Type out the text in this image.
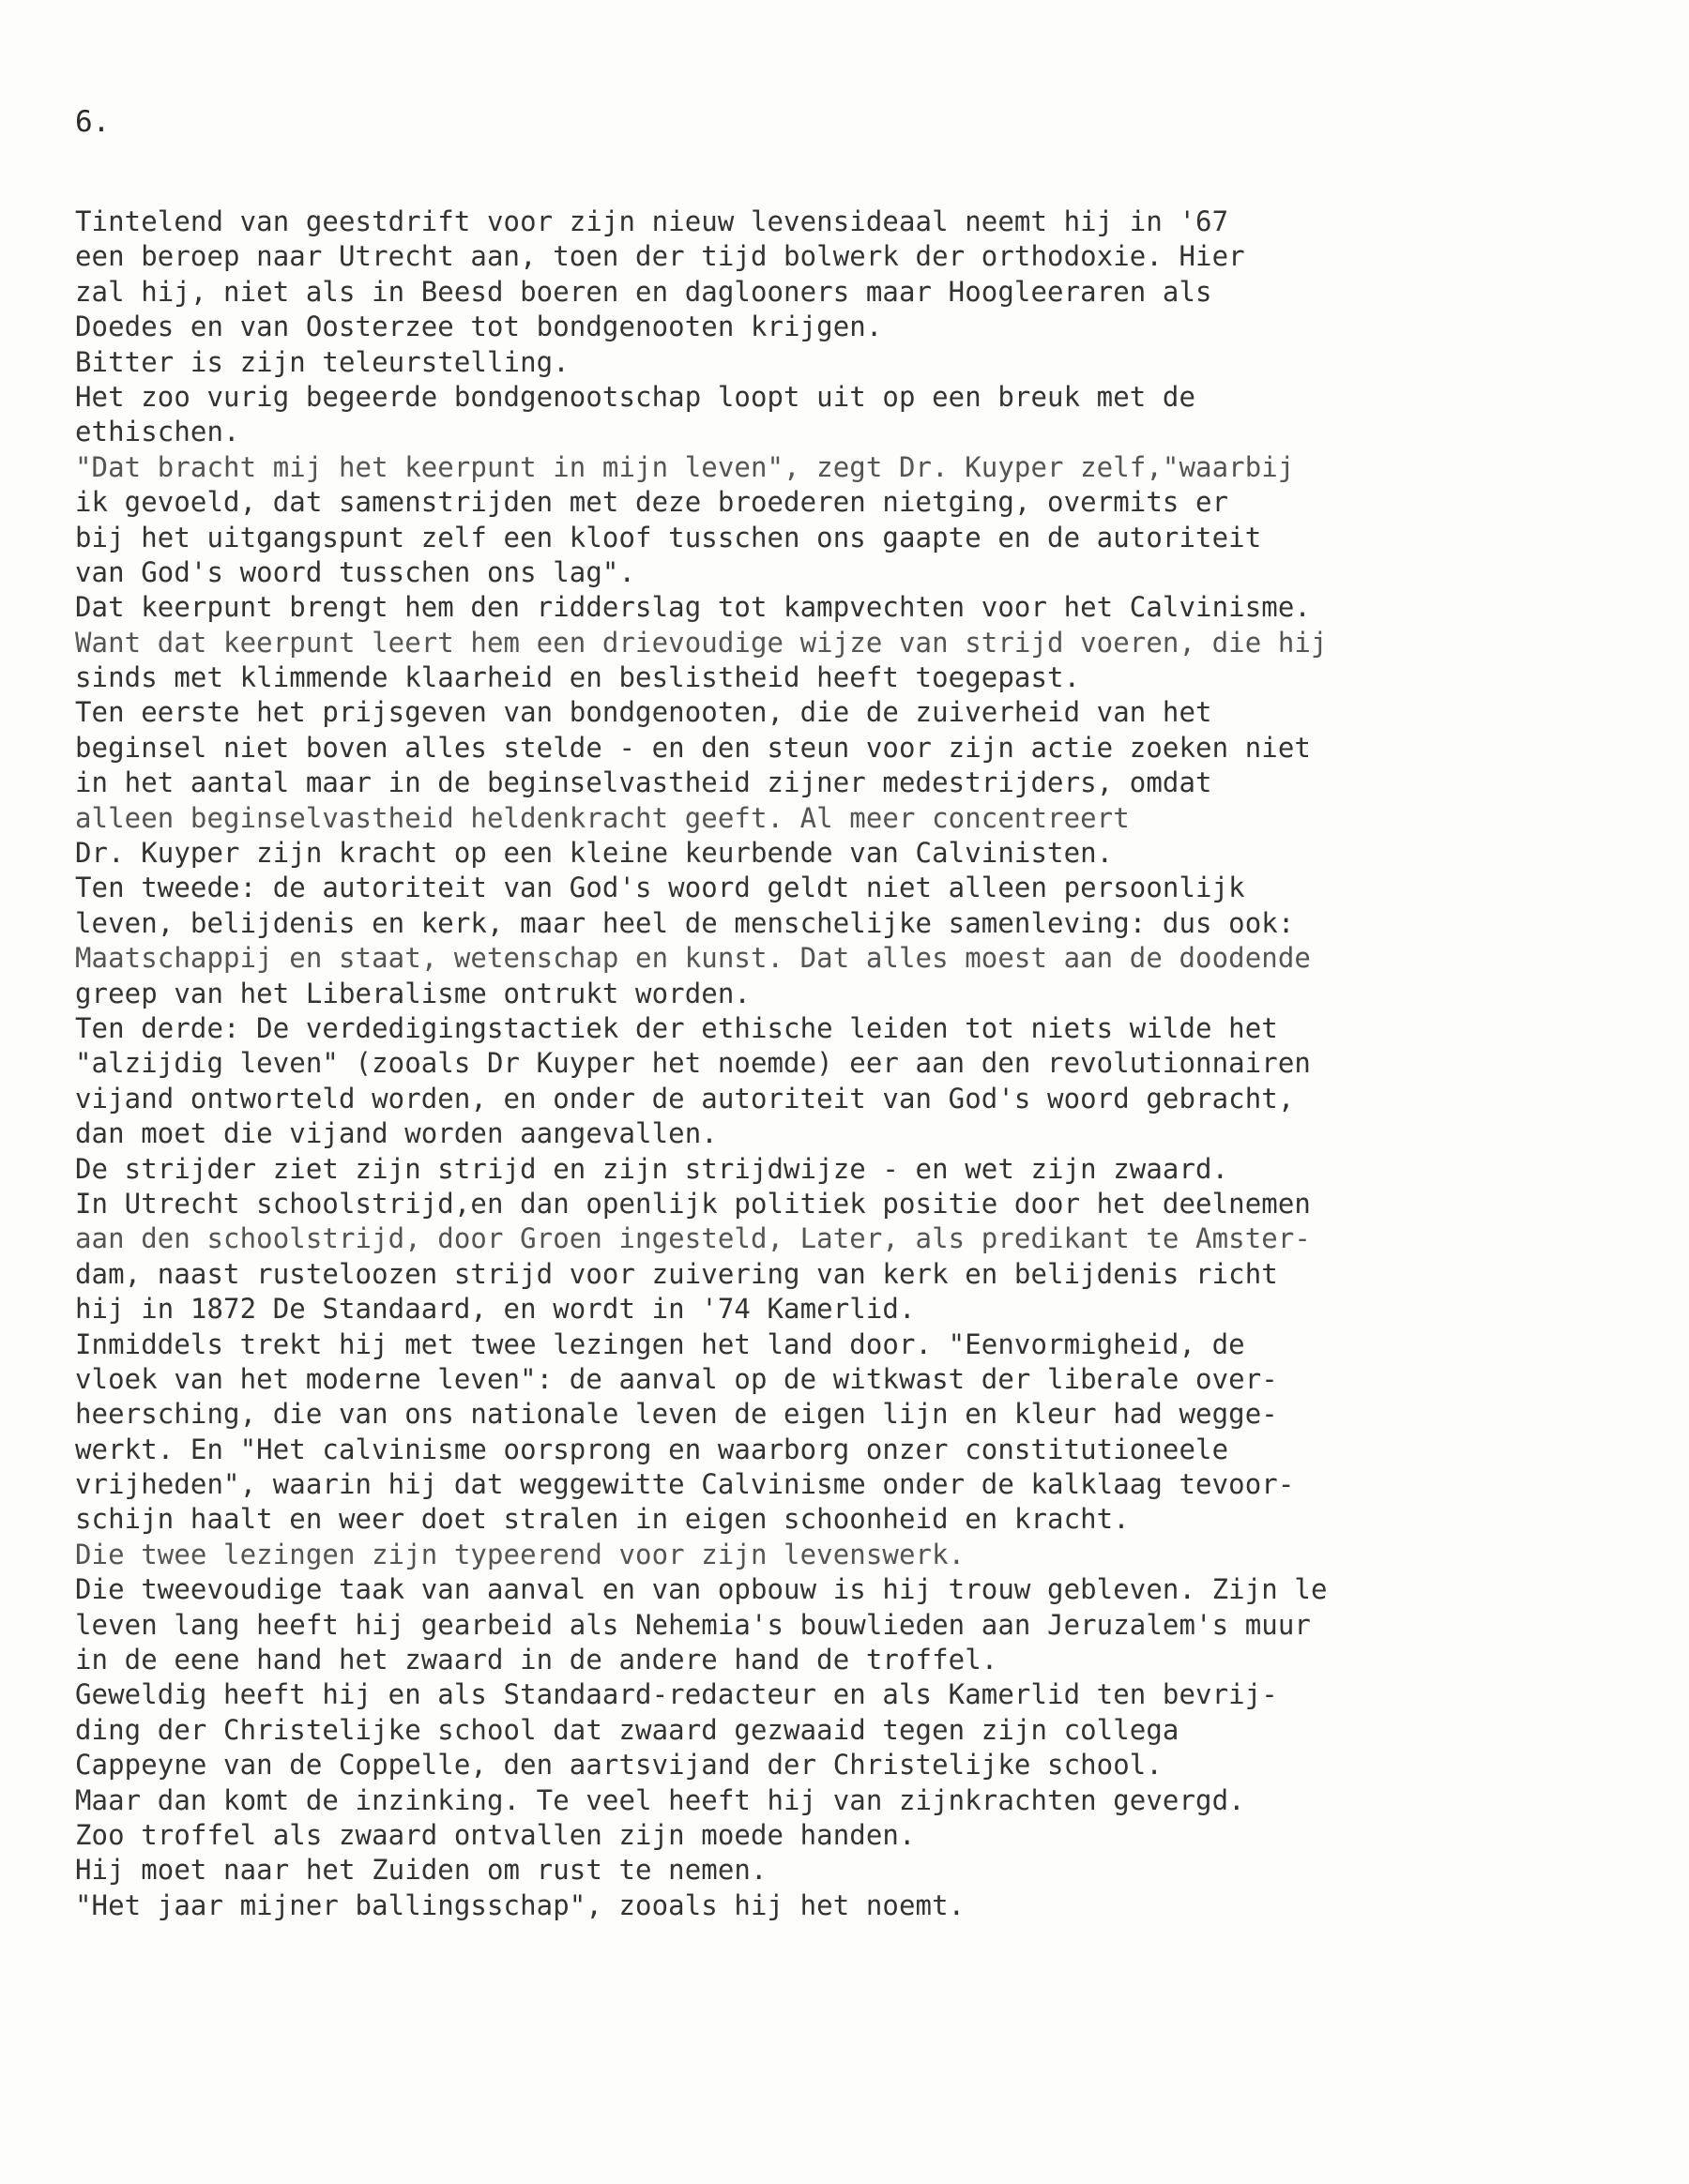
6.
Tintelend van geestdrift voor zijn nieuw levensideaal neemt hij in '67
een beroep naar Utrecht aan, toen der tijd bolwerk der orthodoxie. Hier
zal hij, niet als in Beesd boeren en daglooners maar Hoogleeraren als
Doedes en van Oosterzee tot bondgenooten krijgen.
Bitter is zijn teleurstelling.
Het zoo vurig begeerde bondgenootschap loopt uit op een breuk met de
ethischen.
"Dat bracht mij het keerpunt in mijn leven", zegt Dr. Kuyper zelf,"waarbij
ik gevoeld, dat samenstrijden met deze broederen nietging, overmits er
bij het uitgangspunt zelf een kloof tusschen ons gaapte en de autoriteit
van God's woord tusschen ons lag".
Dat keerpunt brengt hem den ridderslag tot kampvechten voor het Calvinisme.
Want dat keerpunt leert hem een drievoudige wijze van strijd voeren, die hij
sinds met klimmende klaarheid en beslistheid heeft toegepast.
Ten eerste het prijsgeven van bondgenooten, die de zuiverheid van het
beginsel niet boven alles stelde - en den steun voor zijn actie zoeken niet
in het aantal maar in de beginselvastheid zijner medestrijders, omdat
alleen beginselvastheid heldenkracht geeft. Al meer concentreert
Dr. Kuyper zijn kracht op een kleine keurbende van Calvinisten.
Ten tweede: de autoriteit van God's woord geldt niet alleen persoonlijk
leven, belijdenis en kerk, maar heel de menschelijke samenleving: dus ook:
Maatschappij en staat, wetenschap en kunst. Dat alles moest aan de doodende
greep van het Liberalisme ontrukt worden.
Ten derde: De verdedigingstactiek der ethische leiden tot niets wilde het
"alzijdig leven" (zooals Dr Kuyper het noemde) eer aan den revolutionnairen
vijand ontworteld worden, en onder de autoriteit van God's woord gebracht,
dan moet die vijand worden aangevallen.
De strijder ziet zijn strijd en zijn strijdwijze - en wet zijn zwaard.
In Utrecht schoolstrijd,en dan openlijk politiek positie door het deelnemen
aan den schoolstrijd, door Groen ingesteld, Later, als predikant te Amster-
dam, naast rusteloozen strijd voor zuivering van kerk en belijdenis richt
hij in 1872 De Standaard, en wordt in '74 Kamerlid.
Inmiddels trekt hij met twee lezingen het land door. "Eenvormigheid, de
vloek van het moderne leven": de aanval op de witkwast der liberale over-
heersching, die van ons nationale leven de eigen lijn en kleur had wegge-
werkt. En "Het calvinisme oorsprong en waarborg onzer constitutioneele
vrijheden", waarin hij dat weggewitte Calvinisme onder de kalklaag tevoor-
schijn haalt en weer doet stralen in eigen schoonheid en kracht.
Die twee lezingen zijn typeerend voor zijn levenswerk.
Die tweevoudige taak van aanval en van opbouw is hij trouw gebleven. Zijn le
leven lang heeft hij gearbeid als Nehemia's bouwlieden aan Jeruzalem's muur
in de eene hand het zwaard in de andere hand de troffel.
Geweldig heeft hij en als Standaard-redacteur en als Kamerlid ten bevrij-
ding der Christelijke school dat zwaard gezwaaid tegen zijn collega
Cappeyne van de Coppelle, den aartsvijand der Christelijke school.
Maar dan komt de inzinking. Te veel heeft hij van zijnkrachten gevergd.
Zoo troffel als zwaard ontvallen zijn moede handen.
Hij moet naar het Zuiden om rust te nemen.
"Het jaar mijner ballingsschap", zooals hij het noemt.
